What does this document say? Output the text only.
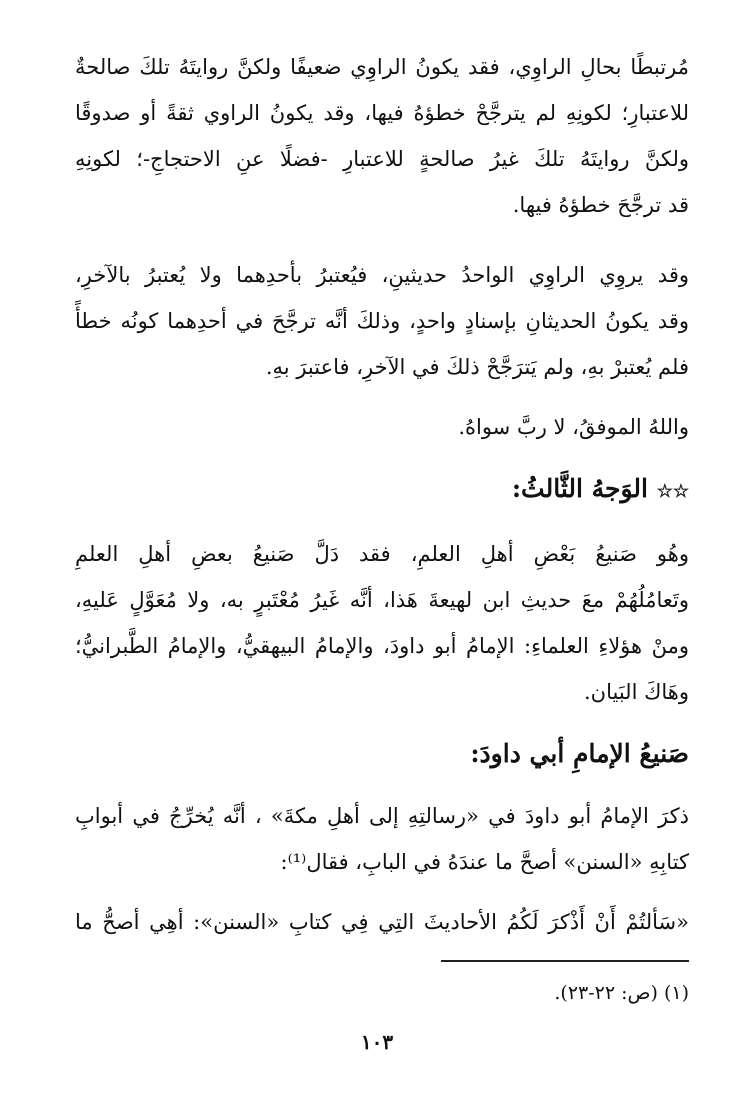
مُرتبطًا بحالِ الراوِي، فقد يكونُ الراوِي ضعيفًا ولكنَّ روايتَهُ تلكَ صالحةٌ
للاعتبارِ؛ لكونِهِ لم يترجَّحْ خطؤهُ فيها، وقد يكونُ الراوي ثقةً أو صدوقًا
ولكنَّ روايتَهُ تلكَ غيرُ صالحةٍ للاعتبارِ -فضلًا عنِ الاحتجاجِ-؛ لكونِهِ
قد ترجَّحَ خطؤهُ فيها.

وقد يروِي الراوِي الواحدُ حديثينِ، فيُعتبرُ بأحدِهما ولا يُعتبرُ بالآخرِ،
وقد يكونُ الحديثانِ بإسنادٍ واحدٍ، وذلكَ أنَّه ترجَّحَ في أحدِهما كونُه خطأً
فلم يُعتبرْ بهِ، ولم يَترَجَّحْ ذلكَ في الآخرِ، فاعتبرَ بهِ.

واللهُ الموفقُ، لا ربَّ سواهُ.

☆☆ الوَجهُ الثَّالثُ:

وهُو صَنيعُ بَعْضِ أهلِ العلمِ، فقد دَلَّ صَنيعُ بعضِ أهلِ العلمِ
وتَعامُلُهُمْ معَ حديثِ ابن لهيعةَ هَذا، أنَّه غَيرُ مُعْتَبرٍ به، ولا مُعَوَّلٍ عَليهِ،
ومنْ هؤلاءِ العلماءِ: الإمامُ أبو داودَ، والإمامُ البيهقيُّ، والإمامُ الطَّبرانيُّ؛
وهَاكَ البَيان.

صَنيعُ الإمامِ أبي داودَ:

ذكرَ الإمامُ أبو داودَ في «رسالتِهِ إلى أهلِ مكةَ» ، أنَّه يُخرِّجُ في أبوابِ
كتابِهِ «السنن» أصحَّ ما عندَهُ في البابِ، فقال⁽¹⁾:

«سَألتُمْ أَنْ أَذْكرَ لَكُمُ الأحاديثَ التِي فِي كتابِ «السنن»: أهِي أصحُّ ما

(١) (ص: ٢٢-٢٣).
١٠٣
